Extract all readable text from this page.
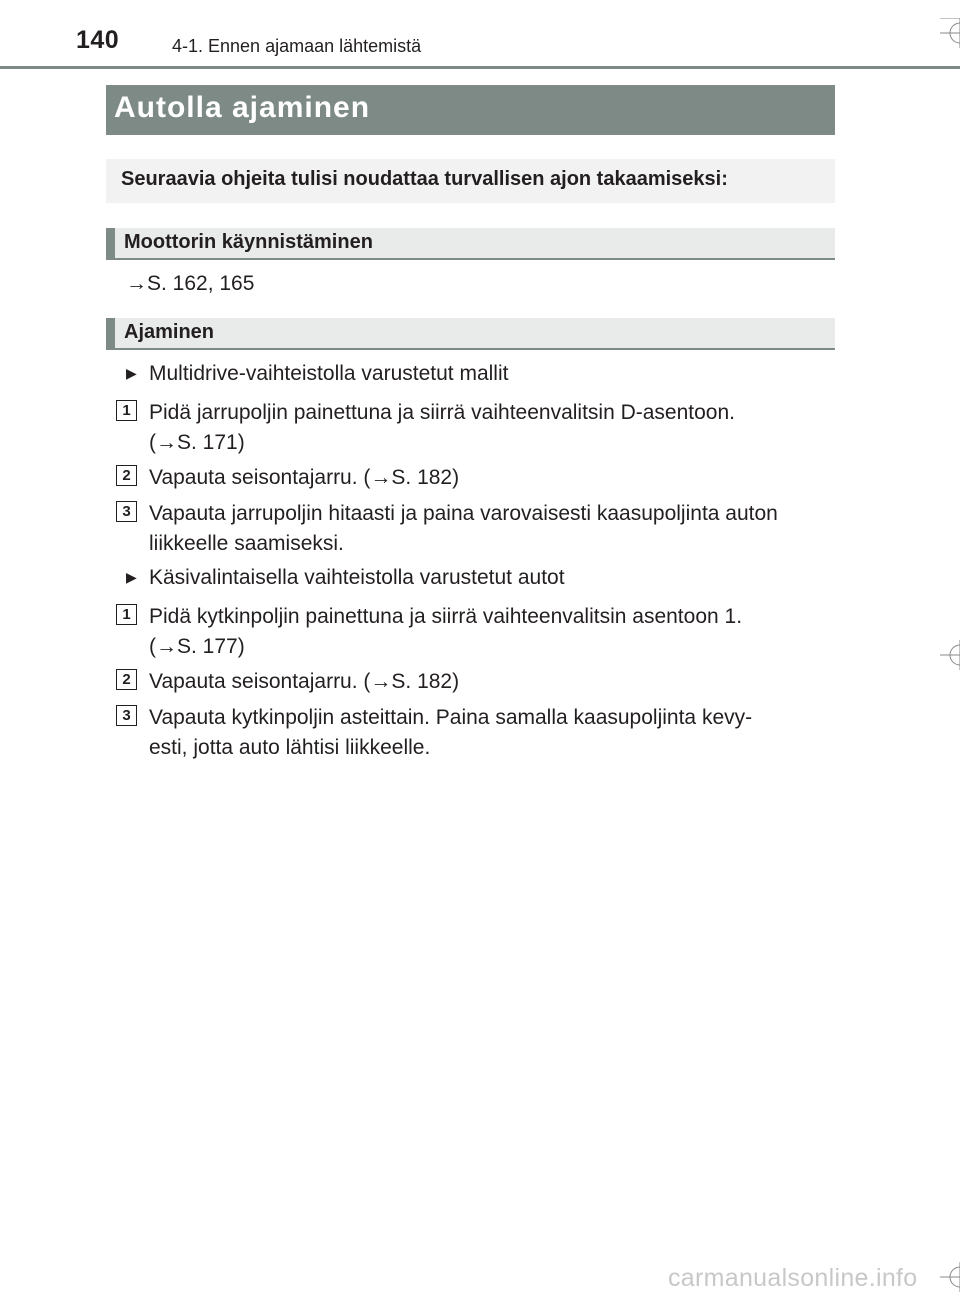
140	4-1. Ennen ajamaan lähtemistä
Autolla ajaminen
Seuraavia ohjeita tulisi noudattaa turvallisen ajon takaamiseksi:
Moottorin käynnistäminen
→S. 162, 165
Ajaminen
▶ Multidrive-vaihteistolla varustetut mallit
1 Pidä jarrupoljin painettuna ja siirrä vaihteenvalitsin D-asentoon.
(→S. 171)
2 Vapauta seisontajarru. (→S. 182)
3 Vapauta jarrupoljin hitaasti ja paina varovaisesti kaasupoljinta auton
liikkeelle saamiseksi.
▶ Käsivalintaisella vaihteistolla varustetut autot
1 Pidä kytkinpoljin painettuna ja siirrä vaihteenvalitsin asentoon 1.
(→S. 177)
2 Vapauta seisontajarru. (→S. 182)
3 Vapauta kytkinpoljin asteittain. Paina samalla kaasupoljinta kevy-
esti, jotta auto lähtisi liikkeelle.
carmanualsonline.info
